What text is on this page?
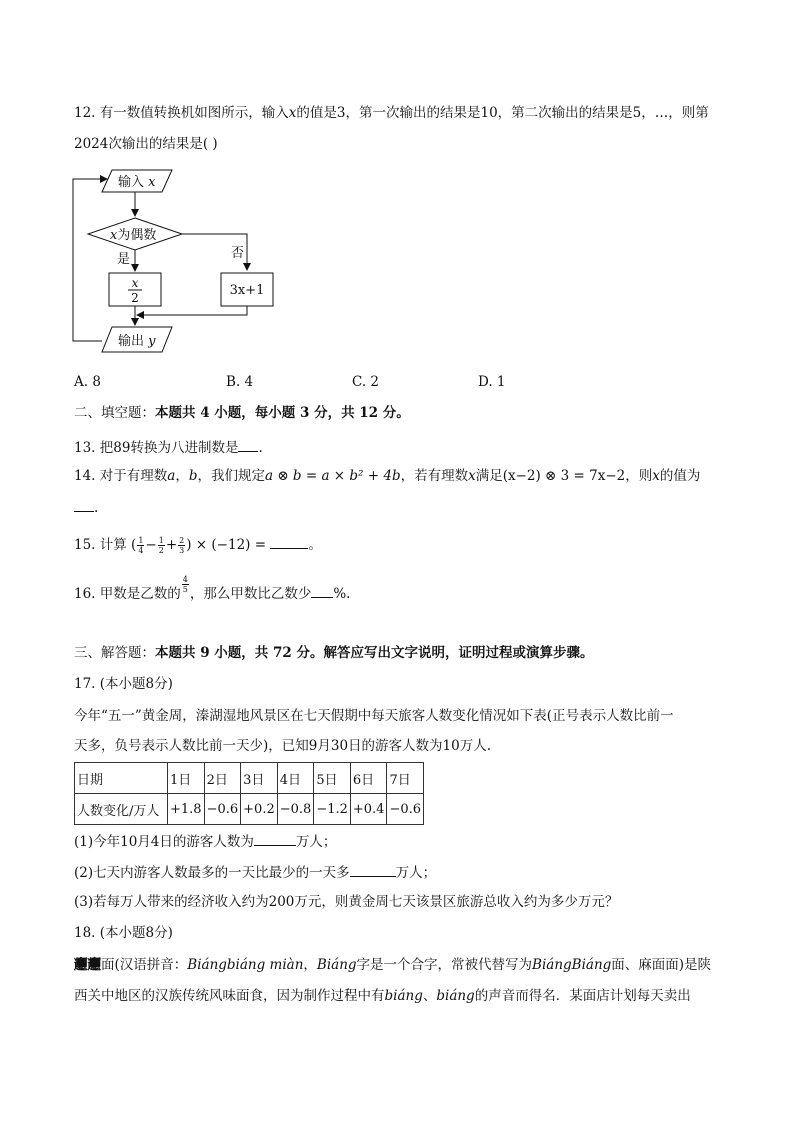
12. 有一数值转换机如图所示，输入x的值是3，第一次输出的结果是10，第二次输出的结果是5，…，则第
2024次输出的结果是( )
输入 x
x为偶数
是	否
x
2	3x+1
输出 y
A. 8	B. 4	C. 2	D. 1
二、填空题：本题共 4 小题，每小题 3 分，共 12 分。
13. 把89转换为八进制数是 .
14. 对于有理数a，b，我们规定a ⊗ b = a × b² + 4b，若有理数x满足(x−2) ⊗ 3 = 7x−2，则x的值为
.
15. 计算 ( $\frac{1}{4} - \frac{1}{2} + \frac{2}{3}$ ) × (−12) =	。
16. 甲数是乙数的 $\frac{4}{5}$ ，那么甲数比乙数少 %.
三、解答题：本题共 9 小题，共 72 分。解答应写出文字说明，证明过程或演算步骤。
17. (本小题8分)
今年“五一”黄金周，溱湖湿地风景区在七天假期中每天旅客人数变化情况如下表(正号表示人数比前一
天多，负号表示人数比前一天少)，已知9月30日的游客人数为10万人.
日期	1日	2日	3日	4日	5日	6日	7日
人数变化/万人	+1.8	−0.6	+0.2	−0.8	−1.2	+0.4	−0.6
(1)今年10月4日的游客人数为	万人；
(2)七天内游客人数最多的一天比最少的一天多	万人；
(3)若每万人带来的经济收入约为200万元，则黄金周七天该景区旅游总收入约为多少万元？
18. (本小题8分)
𰻞𰻞面(汉语拼音：Biángbiáng miàn，Biáng字是一个合字，常被代替写为BiángBiáng面、麻面面)是陕
西关中地区的汉族传统风味面食，因为制作过程中有biáng、biáng的声音而得名．某面店计划每天卖出
